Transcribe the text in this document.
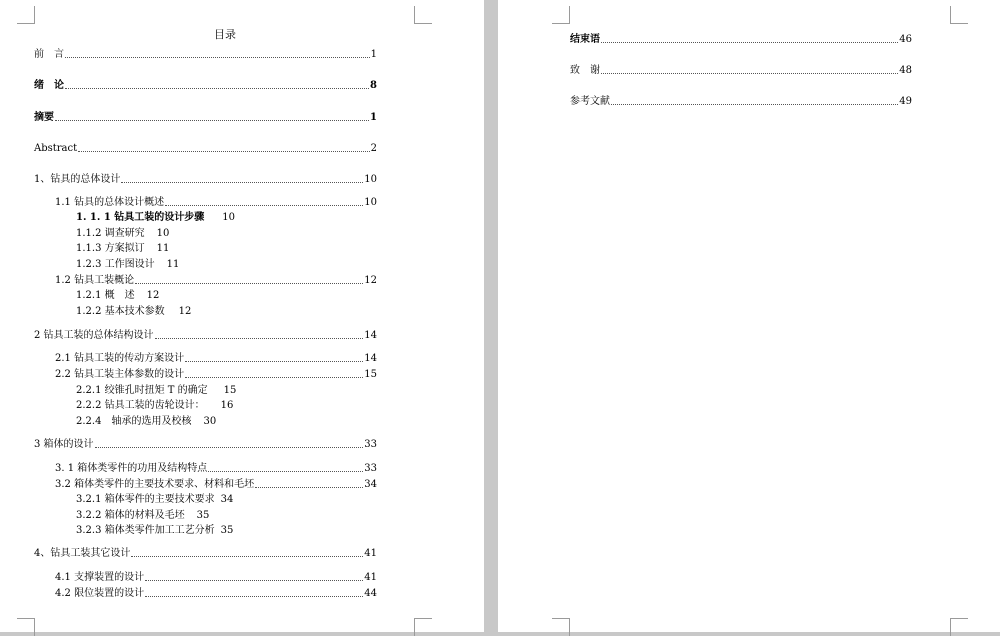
目录
前　言	1
绪　论	8
摘要	1
Abstract	2
1、钻具的总体设计	10
1.1 钻具的总体设计概述	10
1. 1. 1 钻具工装的设计步骤 10
1.1.2 调查研究 10
1.1.3 方案拟订 11
1.2.3 工作图设计 11
1.2 钻具工装概论	12
1.2.1 概　述 12
1.2.2 基本技术参数 12
2 钻具工装的总体结构设计	14
2.1 钻具工装的传动方案设计	14
2.2 钻具工装主体参数的设计	15
2.2.1 绞锥孔时扭矩 T 的确定 15
2.2.2 钻具工装的齿轮设计： 16
2.2.4　轴承的选用及校核 30
3 箱体的设计	33
3. 1 箱体类零件的功用及结构特点	33
3.2 箱体类零件的主要技术要求、材料和毛坯	34
3.2.1 箱体零件的主要技术要求 34
3.2.2 箱体的材料及毛坯 35
3.2.3 箱体类零件加工工艺分析 35
4、钻具工装其它设计	41
4.1 支撑装置的设计	41
4.2 限位装置的设计	44
结束语	46
致　谢	48
参考文献	49
